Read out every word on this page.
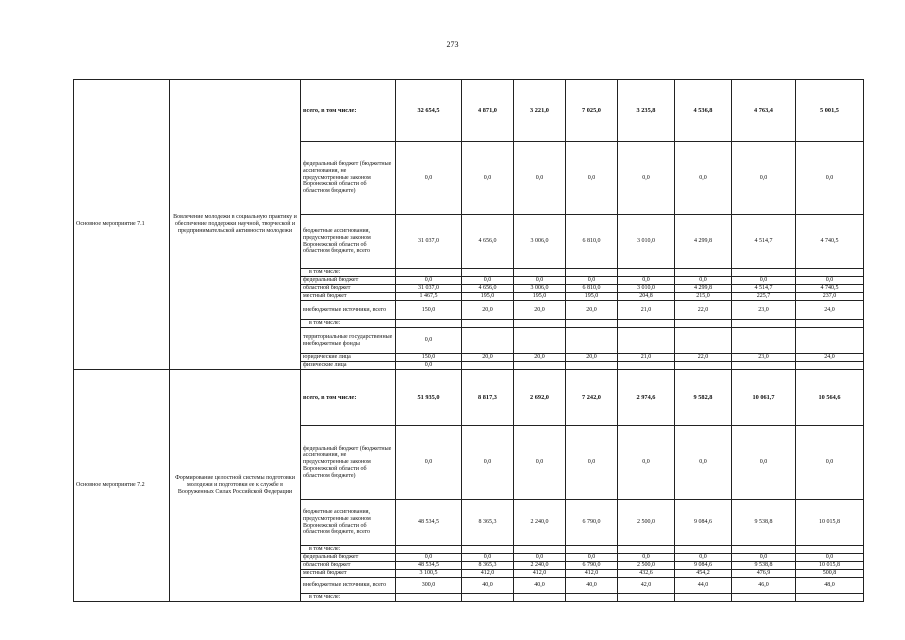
273
Основное мероприятие 7.1	Вовлечение молодежи в социальную практику и обеспечение поддержки научной, творческой и предпринимательской активности молодежи	всего, в том числе:	32 654,5	4 871,0	3 221,0	7 025,0	3 235,8	4 536,8	4 763,4	5 001,5
		федеральный бюджет (бюджетные ассигнования, не предусмотренные законом Воронежской области об областном бюджете)	0,0	0,0	0,0	0,0	0,0	0,0	0,0	0,0
		бюджетные ассигнования, предусмотренные законом Воронежской области об областном бюджете, всего	31 037,0	4 656,0	3 006,0	6 810,0	3 010,0	4 299,8	4 514,7	4 740,5
		в том числе:								
		федеральный бюджет	0,0	0,0	0,0	0,0	0,0	0,0	0,0	0,0
		областной бюджет	31 037,0	4 656,0	3 006,0	6 810,0	3 010,0	4 299,8	4 514,7	4 740,5
		местный бюджет	1 467,5	195,0	195,0	195,0	204,8	215,0	225,7	237,0
		внебюджетные источники, всего	150,0	20,0	20,0	20,0	21,0	22,0	23,0	24,0
		в том числе:								
		территориальные государственные внебюджетные фонды	0,0							
		юридические лица	150,0	20,0	20,0	20,0	21,0	22,0	23,0	24,0
		физические лица	0,0							
Основное мероприятие 7.2	Формирование целостной системы подготовки молодежи и подготовки ее к службе в Вооруженных Силах Российской Федерации	всего, в том числе:	51 935,0	8 817,3	2 692,0	7 242,0	2 974,6	9 582,8	10 061,7	10 564,6
		федеральный бюджет (бюджетные ассигнования, не предусмотренные законом Воронежской области об областном бюджете)	0,0	0,0	0,0	0,0	0,0	0,0	0,0	0,0
		бюджетные ассигнования, предусмотренные законом Воронежской области об областном бюджете, всего	48 534,5	8 365,3	2 240,0	6 790,0	2 500,0	9 084,6	9 538,8	10 015,8
		в том числе:								
		федеральный бюджет	0,0	0,0	0,0	0,0	0,0	0,0	0,0	0,0
		областной бюджет	48 534,5	8 365,3	2 240,0	6 790,0	2 500,0	9 084,6	9 538,8	10 015,8
		местный бюджет	3 100,5	412,0	412,0	412,0	432,6	454,2	476,9	500,8
		внебюджетные источники, всего	300,0	40,0	40,0	40,0	42,0	44,0	46,0	48,0
		в том числе:								
